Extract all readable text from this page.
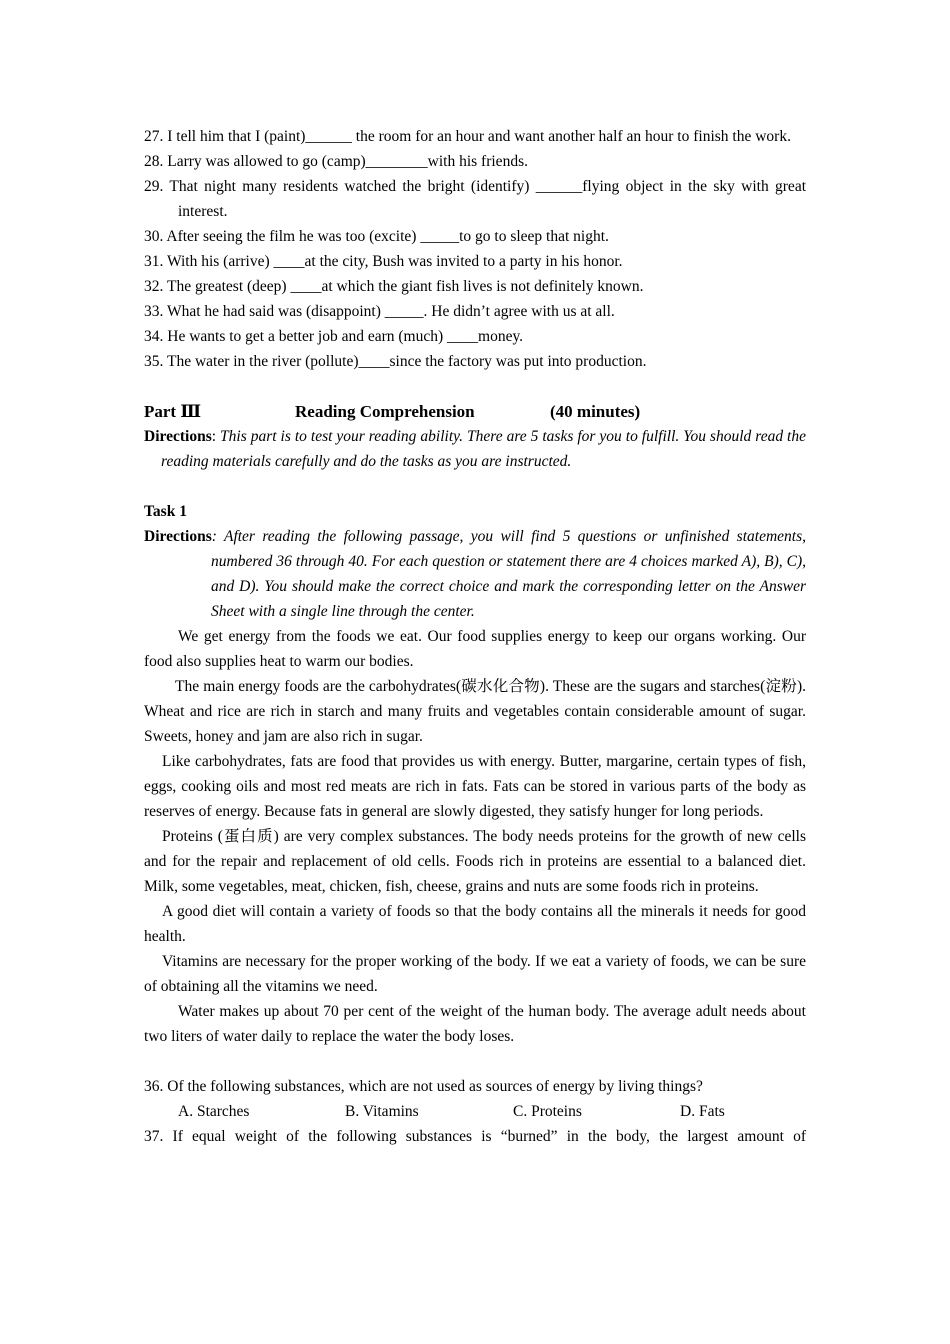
27. I tell him that I (paint)______ the room for an hour and want another half an hour to finish the work.

28. Larry was allowed to go (camp)________with his friends.

29. That night many residents watched the bright (identify) ______flying object in the sky with great interest.

30. After seeing the film he was too (excite) _____to go to sleep that night.

31. With his (arrive) ____at the city, Bush was invited to a party in his honor.

32. The greatest (deep) ____at which the giant fish lives is not definitely known.

33. What he had said was (disappoint) _____. He didn’t agree with us at all.

34. He wants to get a better job and earn (much) ____money.

35. The water in the river (pollute)____since the factory was put into production.

Part Ⅲ	Reading Comprehension	(40 minutes)

Directions: This part is to test your reading ability. There are 5 tasks for you to fulfill. You should read the reading materials carefully and do the tasks as you are instructed.

Task 1

Directions: After reading the following passage, you will find 5 questions or unfinished statements, numbered 36 through 40. For each question or statement there are 4 choices marked A), B), C), and D). You should make the correct choice and mark the corresponding letter on the Answer Sheet with a single line through the center.

We get energy from the foods we eat. Our food supplies energy to keep our organs working. Our food also supplies heat to warm our bodies.

The main energy foods are the carbohydrates(碳水化合物). These are the sugars and starches(淀粉). Wheat and rice are rich in starch and many fruits and vegetables contain considerable amount of sugar. Sweets, honey and jam are also rich in sugar.

Like carbohydrates, fats are food that provides us with energy. Butter, margarine, certain types of fish, eggs, cooking oils and most red meats are rich in fats. Fats can be stored in various parts of the body as reserves of energy. Because fats in general are slowly digested, they satisfy hunger for long periods.

Proteins (蛋白质) are very complex substances. The body needs proteins for the growth of new cells and for the repair and replacement of old cells. Foods rich in proteins are essential to a balanced diet. Milk, some vegetables, meat, chicken, fish, cheese, grains and nuts are some foods rich in proteins.

A good diet will contain a variety of foods so that the body contains all the minerals it needs for good health.

Vitamins are necessary for the proper working of the body. If we eat a variety of foods, we can be sure of obtaining all the vitamins we need.

Water makes up about 70 per cent of the weight of the human body. The average adult needs about two liters of water daily to replace the water the body loses.

36. Of the following substances, which are not used as sources of energy by living things?

A. Starches	B. Vitamins	C. Proteins	D. Fats

37. If equal weight of the following substances is “burned” in the body, the largest amount of
